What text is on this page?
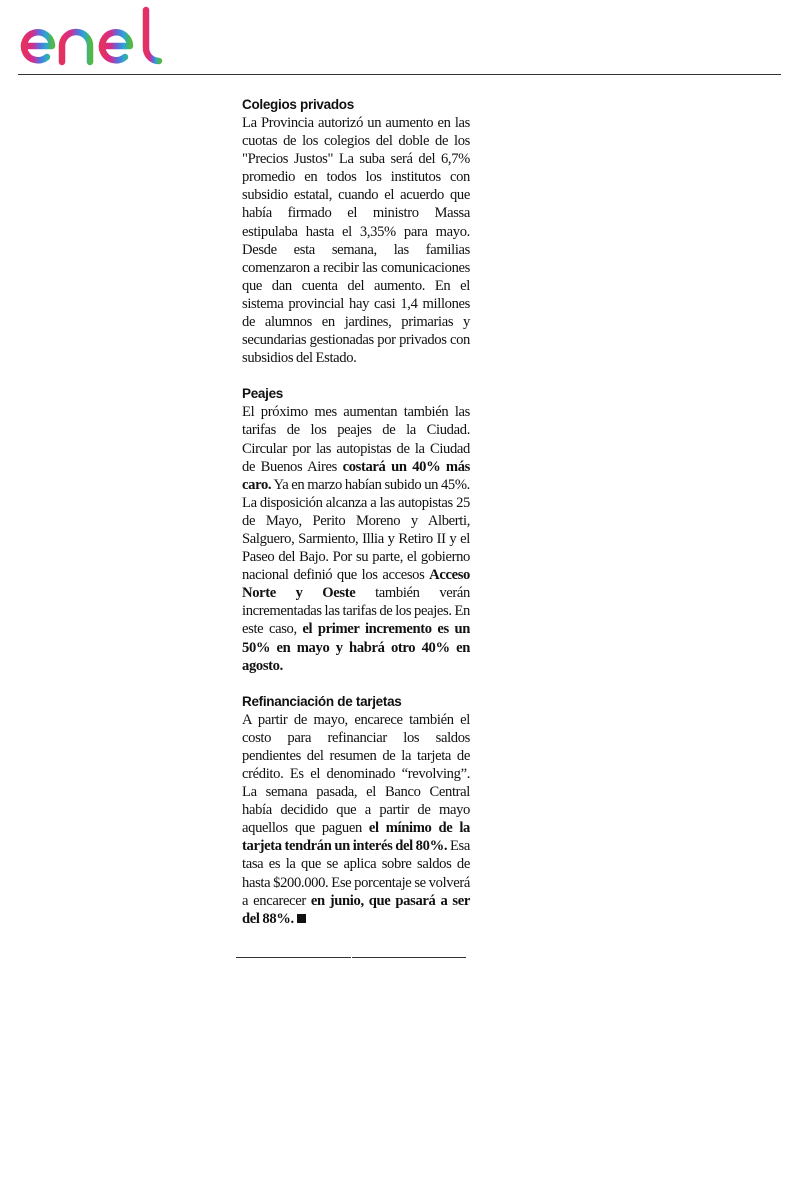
Colegios privados
La Provincia autorizó un aumento en las cuotas de los colegios del doble de los "Precios Justos" La suba será del 6,7% promedio en todos los institutos con subsidio estatal, cuando el acuerdo que había firmado el ministro Massa estipulaba hasta el 3,35% para mayo. Desde esta semana, las familias comenzaron a recibir las comunicaciones que dan cuenta del aumento. En el sistema provincial hay casi 1,4 millones de alumnos en jardines, primarias y secundarias gestionadas por privados con subsidios del Estado.
Peajes
El próximo mes aumentan también las tarifas de los peajes de la Ciudad. Circular por las autopistas de la Ciudad de Buenos Aires costará un 40% más caro. Ya en marzo habían subido un 45%. La disposición alcanza a las autopistas 25 de Mayo, Perito Moreno y Alberti, Salguero, Sarmiento, Illia y Retiro II y el Paseo del Bajo. Por su parte, el gobierno nacional definió que los accesos Acceso Norte y Oeste también verán incrementadas las tarifas de los peajes. En este caso, el primer incremento es un 50% en mayo y habrá otro 40% en agosto.
Refinanciación de tarjetas
A partir de mayo, encarece también el costo para refinanciar los saldos pendientes del resumen de la tarjeta de crédito. Es el denominado “revolving”. La semana pasada, el Banco Central había decidido que a partir de mayo aquellos que paguen el mínimo de la tarjeta tendrán un interés del 80%. Esa tasa es la que se aplica sobre saldos de hasta $200.000. Ese porcentaje se volverá a encarecer en junio, que pasará a ser del 88%.
